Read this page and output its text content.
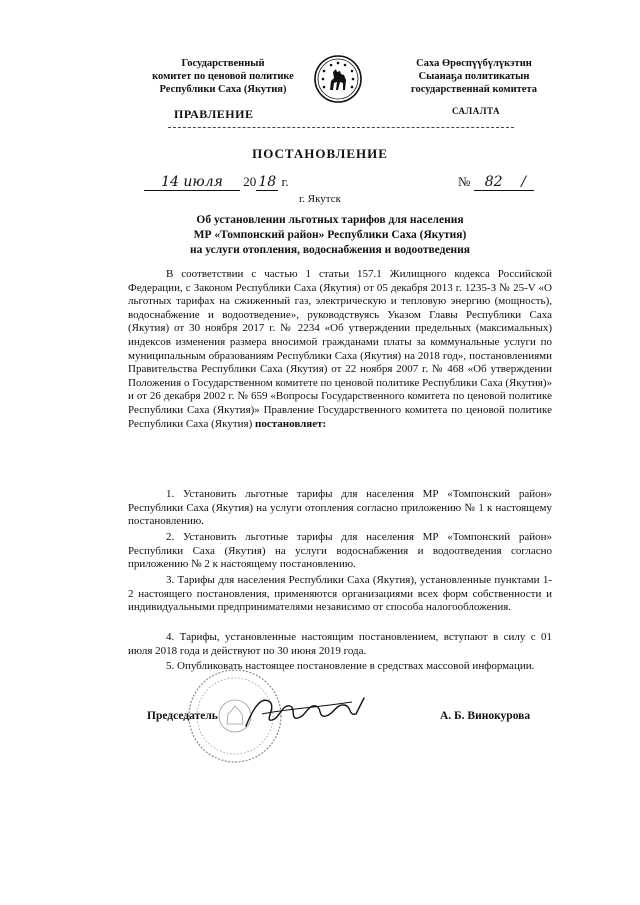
Государственный
комитет по ценовой политике
Республики Саха (Якутия)
Саха Өрөспүүбүлүкэтин
Сыанаҕа политикатын
государственнай комитета
ПРАВЛЕНИЕ	САЛАЛТА
ПОСТАНОВЛЕНИЕ
14 июля 20 18 г.	№ 82 /
г. Якутск
Об установлении льготных тарифов для населения
МР «Томпонский район» Республики Саха (Якутия)
на услуги отопления, водоснабжения и водоотведения
В соответствии с частью 1 статьи 157.1 Жилищного кодекса Российской Федерации, с Законом Республики Саха (Якутия) от 05 декабря 2013 г. 1235-З № 25-V «О льготных тарифах на сжиженный газ, электрическую и тепловую энергию (мощность), водоснабжение и водоотведение», руководствуясь Указом Главы Республики Саха (Якутия) от 30 ноября 2017 г. № 2234 «Об утверждении предельных (максимальных) индексов изменения размера вносимой гражданами платы за коммунальные услуги по муниципальным образованиям Республики Саха (Якутия) на 2018 год», постановлениями Правительства Республики Саха (Якутия) от 22 ноября 2007 г. № 468 «Об утверждении Положения о Государственном комитете по ценовой политике Республики Саха (Якутия)» и от 26 декабря 2002 г. № 659 «Вопросы Государственного комитета по ценовой политике Республики Саха (Якутия)» Правление Государственного комитета по ценовой политике Республики Саха (Якутия) постановляет:
1. Установить льготные тарифы для населения МР «Томпонский район» Республики Саха (Якутия) на услуги отопления согласно приложению № 1 к настоящему постановлению.
2. Установить льготные тарифы для населения МР «Томпонский район» Республики Саха (Якутия) на услуги водоснабжения и водоотведения согласно приложению № 2 к настоящему постановлению.
3. Тарифы для населения Республики Саха (Якутия), установленные пунктами 1-2 настоящего постановления, применяются организациями всех форм собственности и индивидуальными предпринимателями независимо от способа налогообложения.
4. Тарифы, установленные настоящим постановлением, вступают в силу с 01 июля 2018 года и действуют по 30 июня 2019 года.
5. Опубликовать настоящее постановление в средствах массовой информации.
Председатель	А. Б. Винокурова
